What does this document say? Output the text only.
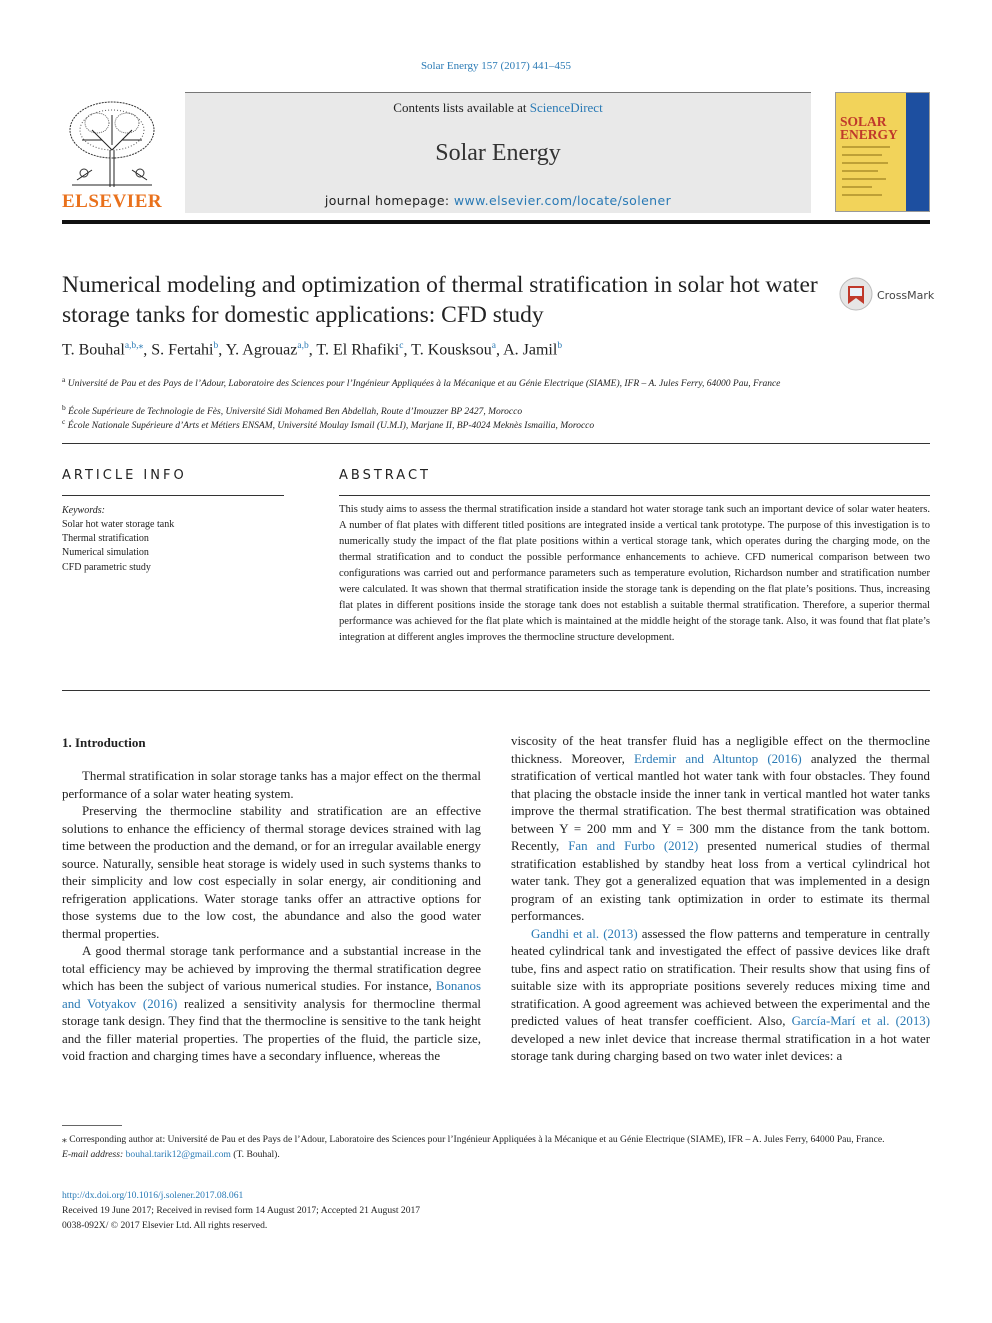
Solar Energy 157 (2017) 441–455
ELSEVIER
Contents lists available at ScienceDirect
Solar Energy
journal homepage: www.elsevier.com/locate/solener
SOLAR
ENERGY
Numerical modeling and optimization of thermal stratification in solar hot water storage tanks for domestic applications: CFD study
CrossMark
T. Bouhal$^{a,b,⁎}$, S. Fertahi$^b$, Y. Agrouaz$^{a,b}$, T. El Rhafiki$^c$, T. Kousksou$^a$, A. Jamil$^b$
$^a$ Université de Pau et des Pays de l’Adour, Laboratoire des Sciences pour l’Ingénieur Appliquées à la Mécanique et au Génie Electrique (SIAME), IFR – A. Jules Ferry, 64000 Pau, France
$^b$ École Supérieure de Technologie de Fès, Université Sidi Mohamed Ben Abdellah, Route d’Imouzzer BP 2427, Morocco
$^c$ École Nationale Supérieure d’Arts et Métiers ENSAM, Université Moulay Ismail (U.M.I), Marjane II, BP-4024 Meknès Ismailia, Morocco
ARTICLE INFO
Keywords:
Solar hot water storage tank
Thermal stratification
Numerical simulation
CFD parametric study
ABSTRACT
This study aims to assess the thermal stratification inside a standard hot water storage tank such an important device of solar water heaters. A number of flat plates with different titled positions are integrated inside a vertical tank prototype. The purpose of this investigation is to numerically study the impact of the flat plate positions within a vertical storage tank, which operates during the charging mode, on the thermal stratification and to conduct the possible performance enhancements to achieve. CFD numerical comparison between two configurations was carried out and performance parameters such as temperature evolution, Richardson number and stratification number were calculated. It was shown that thermal stratification inside the storage tank is depending on the flat plate’s positions. Thus, increasing flat plates in different positions inside the storage tank does not establish a suitable thermal stratification. Therefore, a superior thermal performance was achieved for the flat plate which is maintained at the middle height of the storage tank. Also, it was found that flat plate’s integration at different angles improves the thermocline structure development.
1. Introduction

Thermal stratification in solar storage tanks has a major effect on the thermal performance of a solar water heating system.

Preserving the thermocline stability and stratification are an effective solutions to enhance the efficiency of thermal storage devices strained with lag time between the production and the demand, or for an irregular available energy source. Naturally, sensible heat storage is widely used in such systems thanks to their simplicity and low cost especially in solar energy, air conditioning and refrigeration applications. Water storage tanks offer an attractive options for those systems due to the low cost, the abundance and also the good water thermal properties.

A good thermal storage tank performance and a substantial increase in the total efficiency may be achieved by improving the thermal stratification degree which has been the subject of various numerical studies. For instance, Bonanos and Votyakov (2016) realized a sensitivity analysis for thermocline thermal storage tank design. They find that the thermocline is sensitive to the tank height and the filler material properties. The properties of the fluid, the particle size, void fraction and charging times have a secondary influence, whereas the

viscosity of the heat transfer fluid has a negligible effect on the thermocline thickness. Moreover, Erdemir and Altuntop (2016) analyzed the thermal stratification of vertical mantled hot water tank with four obstacles. They found that placing the obstacle inside the inner tank in vertical mantled hot water tanks improve the thermal stratification. The best thermal stratification was obtained between Y = 200 mm and Y = 300 mm the distance from the tank bottom. Recently, Fan and Furbo (2012) presented numerical studies of thermal stratification established by standby heat loss from a vertical cylindrical hot water tank. They got a generalized equation that was implemented in a design program of an existing tank optimization in order to estimate its thermal performances.

Gandhi et al. (2013) assessed the flow patterns and temperature in centrally heated cylindrical tank and investigated the effect of passive devices like draft tube, fins and aspect ratio on stratification. Their results show that using fins of suitable size with its appropriate positions severely reduces mixing time and stratification. A good agreement was achieved between the experimental and the predicted values of heat transfer coefficient. Also, García-Marí et al. (2013) developed a new inlet device that increase thermal stratification in a hot water storage tank during charging based on two water inlet devices: a

⁎ Corresponding author at: Université de Pau et des Pays de l’Adour, Laboratoire des Sciences pour l’Ingénieur Appliquées à la Mécanique et au Génie Electrique (SIAME), IFR – A. Jules Ferry, 64000 Pau, France.
E-mail address: bouhal.tarik12@gmail.com (T. Bouhal).
http://dx.doi.org/10.1016/j.solener.2017.08.061
Received 19 June 2017; Received in revised form 14 August 2017; Accepted 21 August 2017
0038-092X/ © 2017 Elsevier Ltd. All rights reserved.
